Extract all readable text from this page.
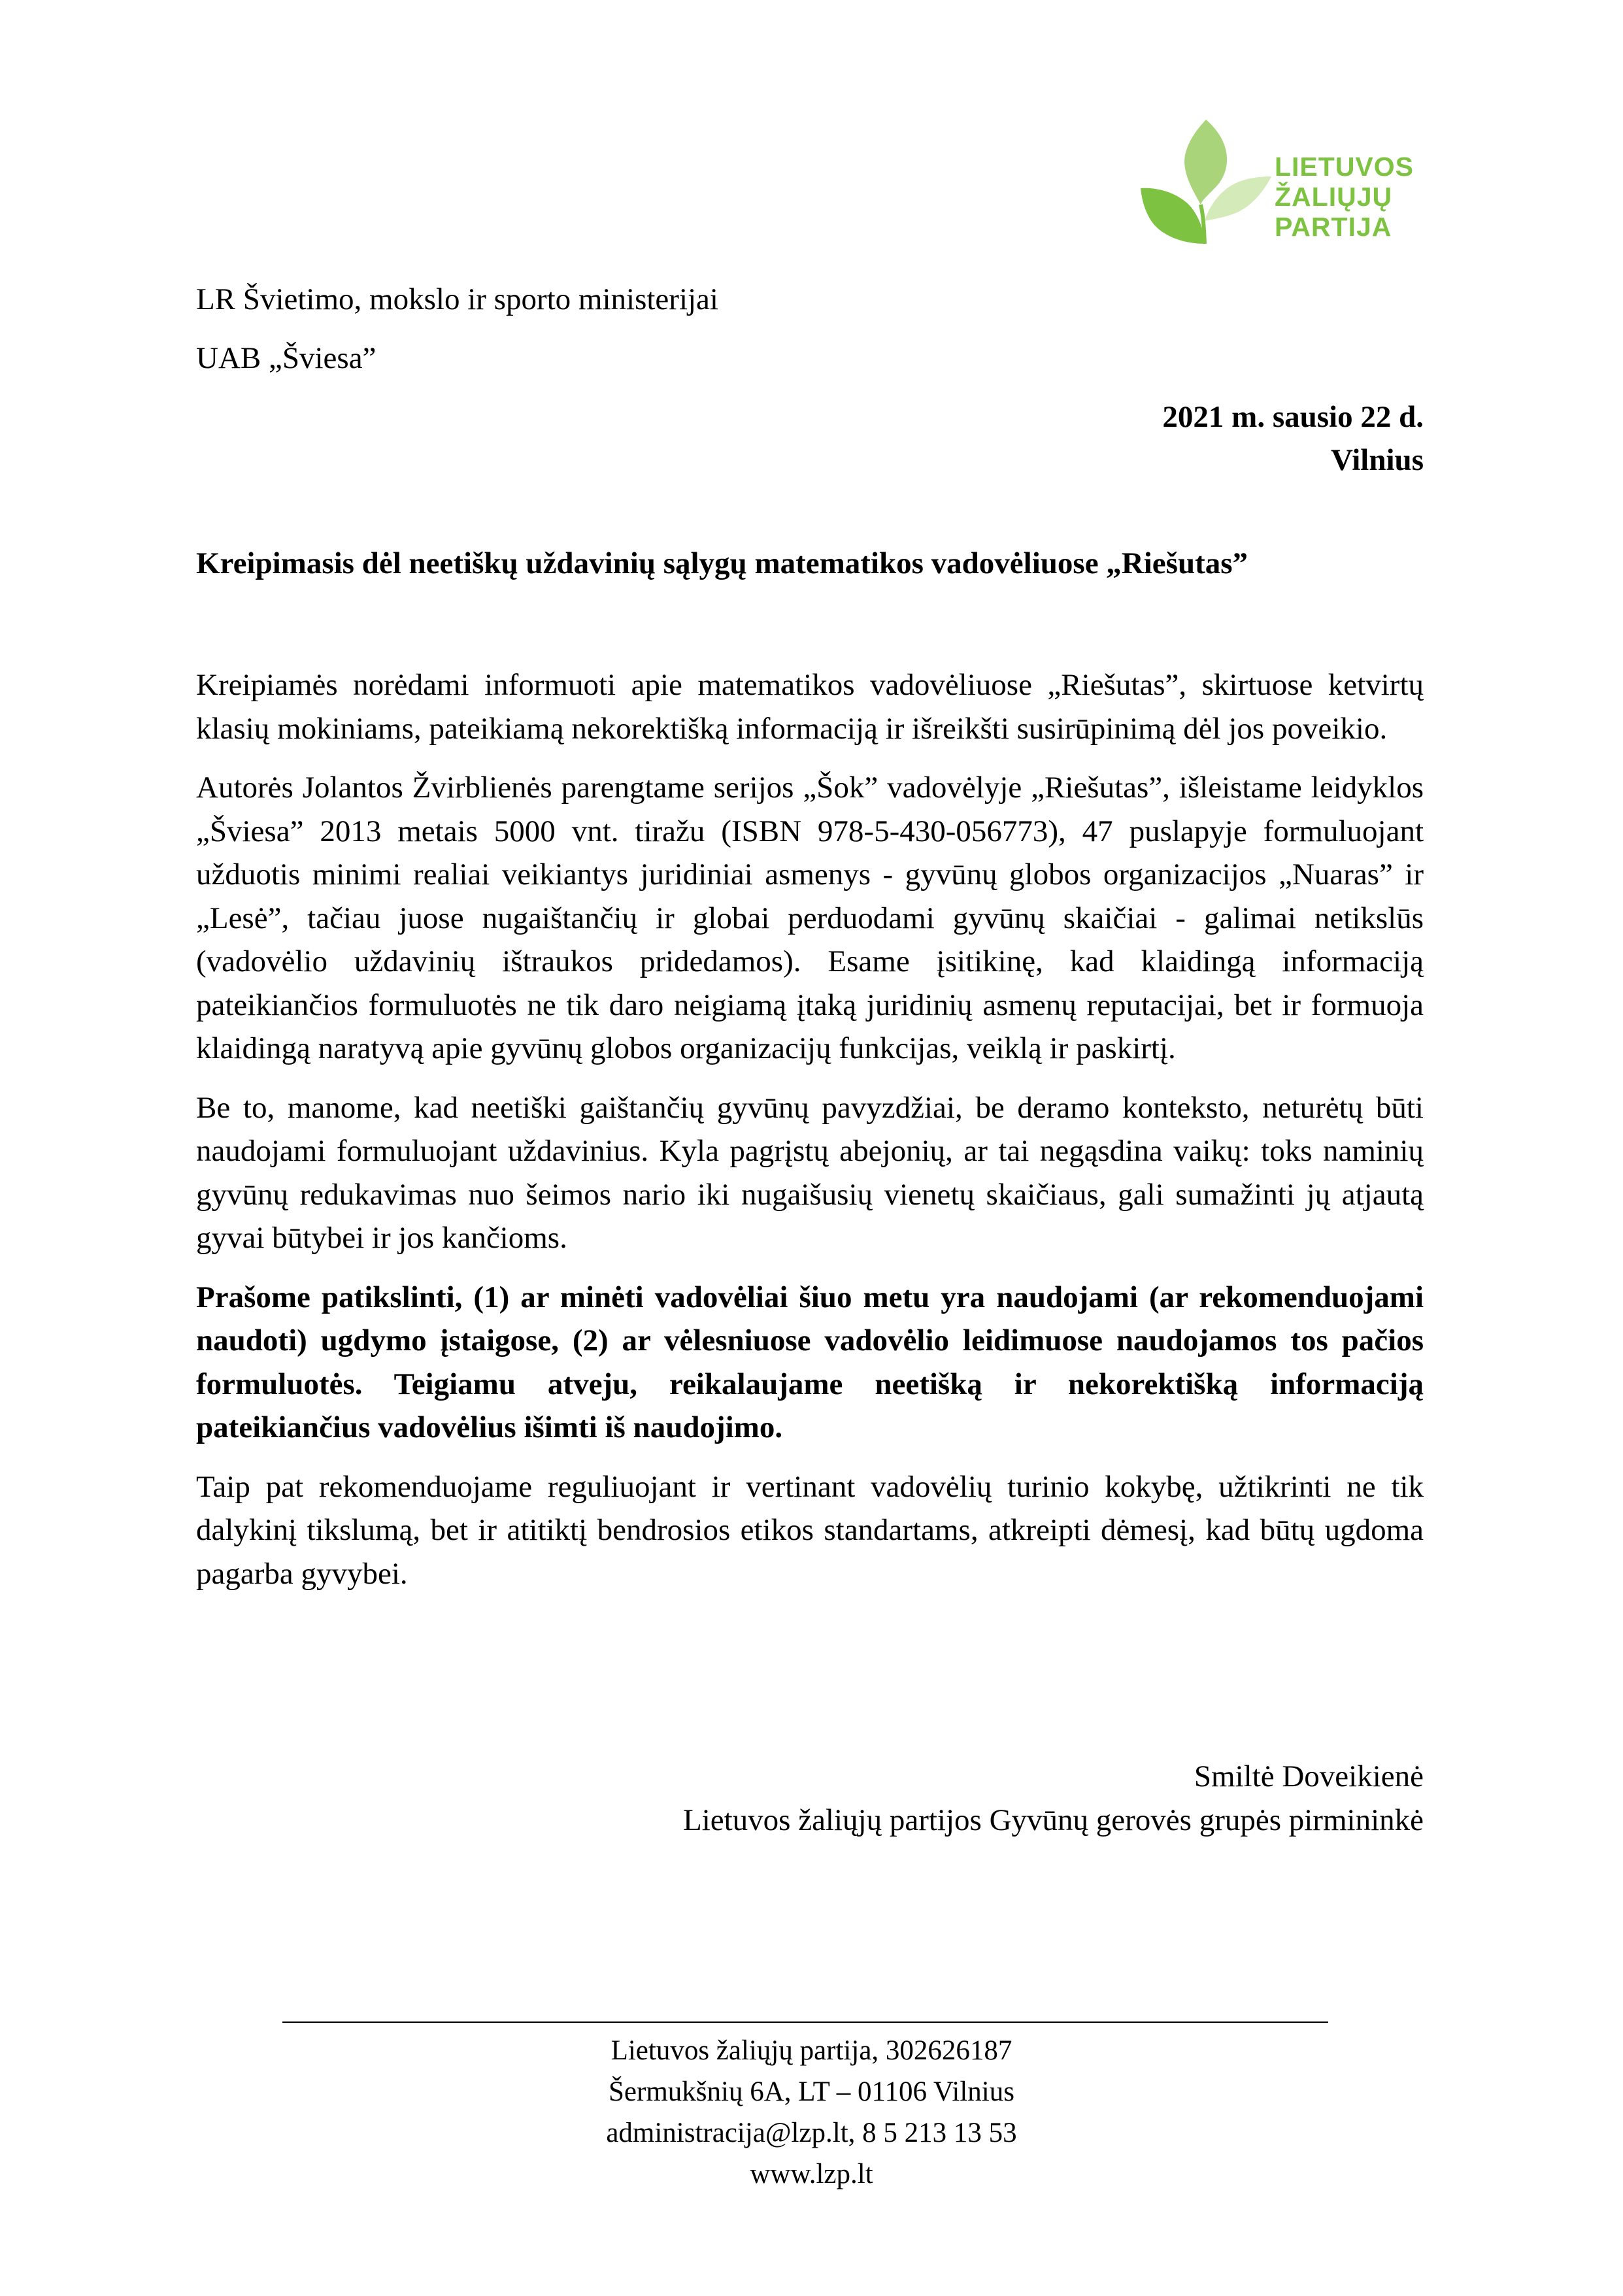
LIETUVOS
ŽALIŲJŲ
PARTIJA
LR Švietimo, mokslo ir sporto ministerijai
UAB „Šviesa”
2021 m. sausio 22 d.
Vilnius
Kreipimasis dėl neetiškų uždavinių sąlygų matematikos vadovėliuose „Riešutas”

Kreipiamės norėdami informuoti apie matematikos vadovėliuose „Riešutas”, skirtuose ketvirtų klasių mokiniams, pateikiamą nekorektišką informaciją ir išreikšti susirūpinimą dėl jos poveikio.

Autorės Jolantos Žvirblienės parengtame serijos „Šok” vadovėlyje „Riešutas”, išleistame leidyklos „Šviesa” 2013 metais 5000 vnt. tiražu (ISBN 978-5-430-056773), 47 puslapyje formuluojant užduotis minimi realiai veikiantys juridiniai asmenys - gyvūnų globos organizacijos „Nuaras” ir „Lesė”, tačiau juose nugaištančių ir globai perduodami gyvūnų skaičiai - galimai netikslūs (vadovėlio uždavinių ištraukos pridedamos). Esame įsitikinę, kad klaidingą informaciją pateikiančios formuluotės ne tik daro neigiamą įtaką juridinių asmenų reputacijai, bet ir formuoja klaidingą naratyvą apie gyvūnų globos organizacijų funkcijas, veiklą ir paskirtį.

Be to, manome, kad neetiški gaištančių gyvūnų pavyzdžiai, be deramo konteksto, neturėtų būti naudojami formuluojant uždavinius. Kyla pagrįstų abejonių, ar tai negąsdina vaikų: toks naminių gyvūnų redukavimas nuo šeimos nario iki nugaišusių vienetų skaičiaus, gali sumažinti jų atjautą gyvai būtybei ir jos kančioms.

Prašome patikslinti, (1) ar minėti vadovėliai šiuo metu yra naudojami (ar rekomenduojami naudoti) ugdymo įstaigose, (2) ar vėlesniuose vadovėlio leidimuose naudojamos tos pačios formuluotės. Teigiamu atveju, reikalaujame neetišką ir nekorektišką informaciją pateikiančius vadovėlius išimti iš naudojimo.

Taip pat rekomenduojame reguliuojant ir vertinant vadovėlių turinio kokybę, užtikrinti ne tik dalykinį tikslumą, bet ir atitiktį bendrosios etikos standartams, atkreipti dėmesį, kad būtų ugdoma pagarba gyvybei.

Smiltė Doveikienė
Lietuvos žaliųjų partijos Gyvūnų gerovės grupės pirmininkė
Lietuvos žaliųjų partija, 302626187
Šermukšnių 6A, LT – 01106 Vilnius
administracija@lzp.lt, 8 5 213 13 53
www.lzp.lt
